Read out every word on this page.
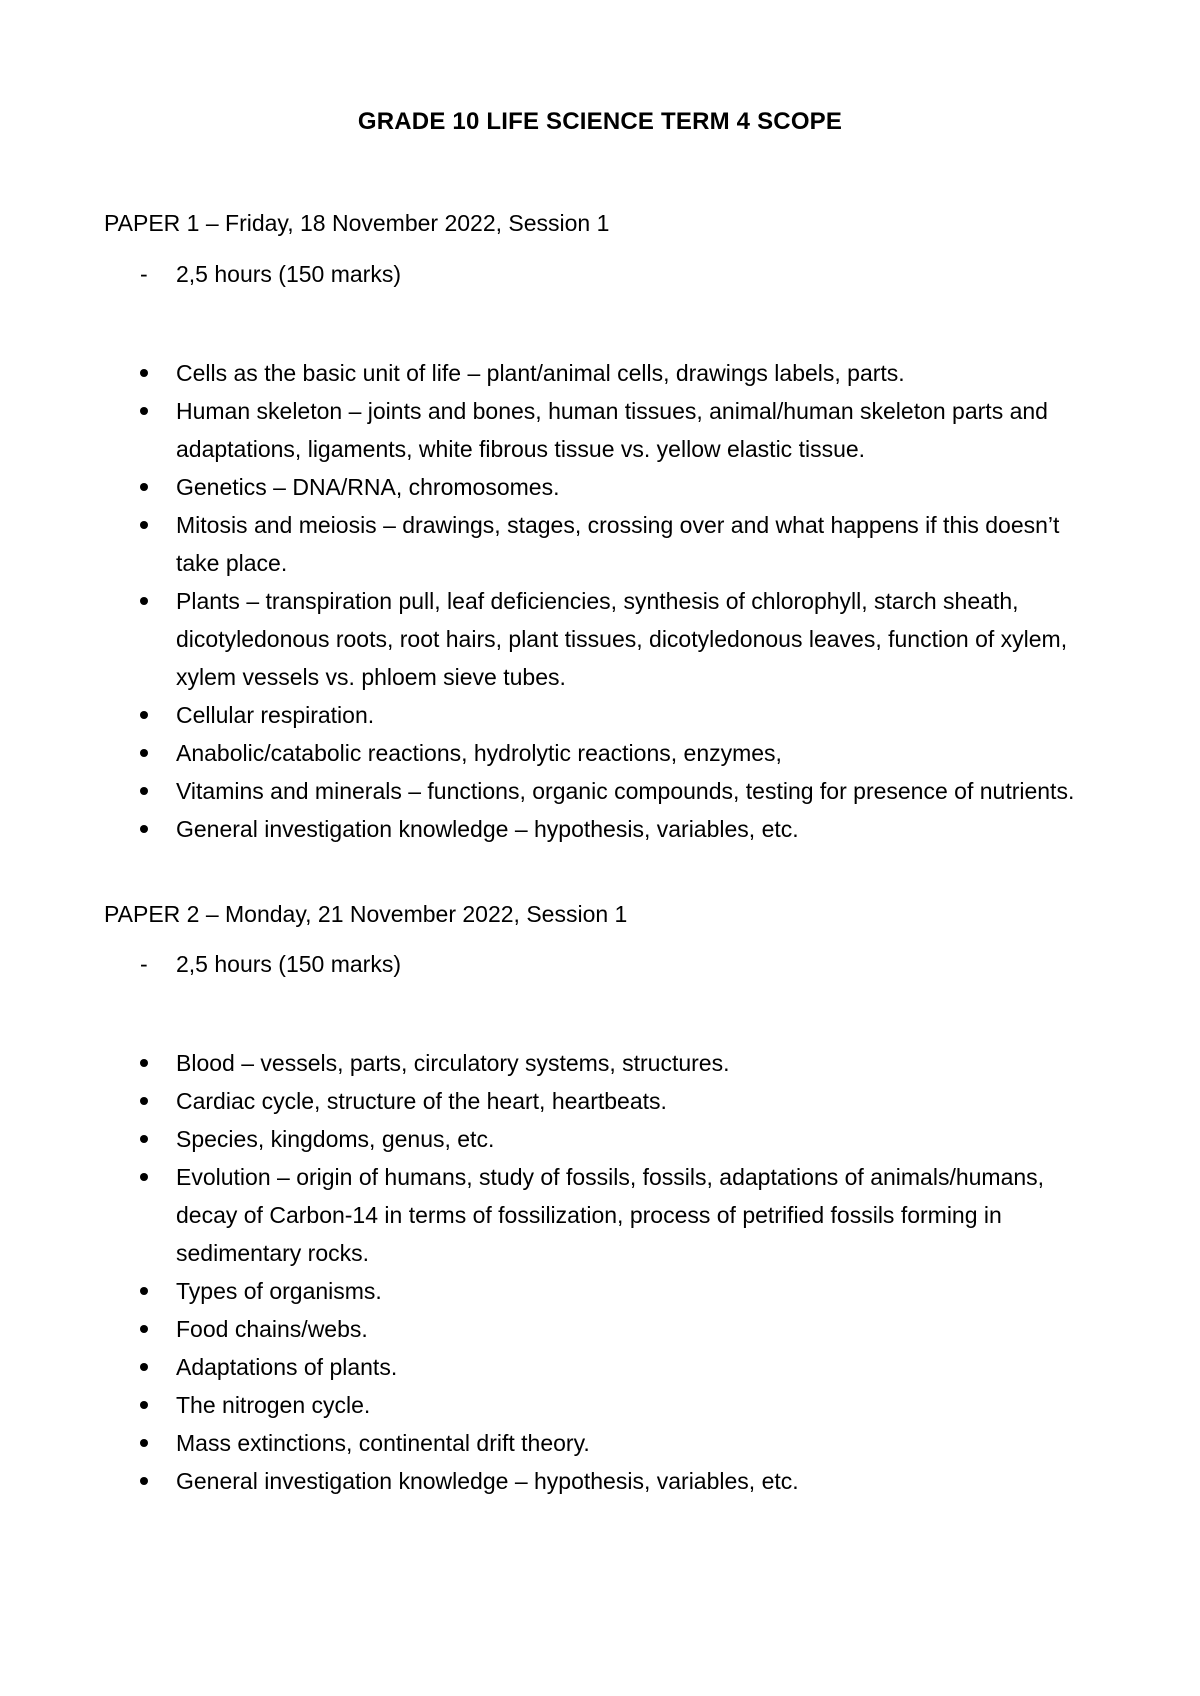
GRADE 10 LIFE SCIENCE TERM 4 SCOPE
PAPER 1 – Friday, 18 November 2022, Session 1
- 2,5 hours (150 marks)
Cells as the basic unit of life – plant/animal cells, drawings labels, parts.
Human skeleton – joints and bones, human tissues, animal/human skeleton parts and adaptations, ligaments, white fibrous tissue vs. yellow elastic tissue.
Genetics – DNA/RNA, chromosomes.
Mitosis and meiosis – drawings, stages, crossing over and what happens if this doesn’t take place.
Plants – transpiration pull, leaf deficiencies, synthesis of chlorophyll, starch sheath, dicotyledonous roots, root hairs, plant tissues, dicotyledonous leaves, function of xylem, xylem vessels vs. phloem sieve tubes.
Cellular respiration.
Anabolic/catabolic reactions, hydrolytic reactions, enzymes,
Vitamins and minerals – functions, organic compounds, testing for presence of nutrients.
General investigation knowledge – hypothesis, variables, etc.
PAPER 2 – Monday, 21 November 2022, Session 1
- 2,5 hours (150 marks)
Blood – vessels, parts, circulatory systems, structures.
Cardiac cycle, structure of the heart, heartbeats.
Species, kingdoms, genus, etc.
Evolution – origin of humans, study of fossils, fossils, adaptations of animals/humans, decay of Carbon-14 in terms of fossilization, process of petrified fossils forming in sedimentary rocks.
Types of organisms.
Food chains/webs.
Adaptations of plants.
The nitrogen cycle.
Mass extinctions, continental drift theory.
General investigation knowledge – hypothesis, variables, etc.
